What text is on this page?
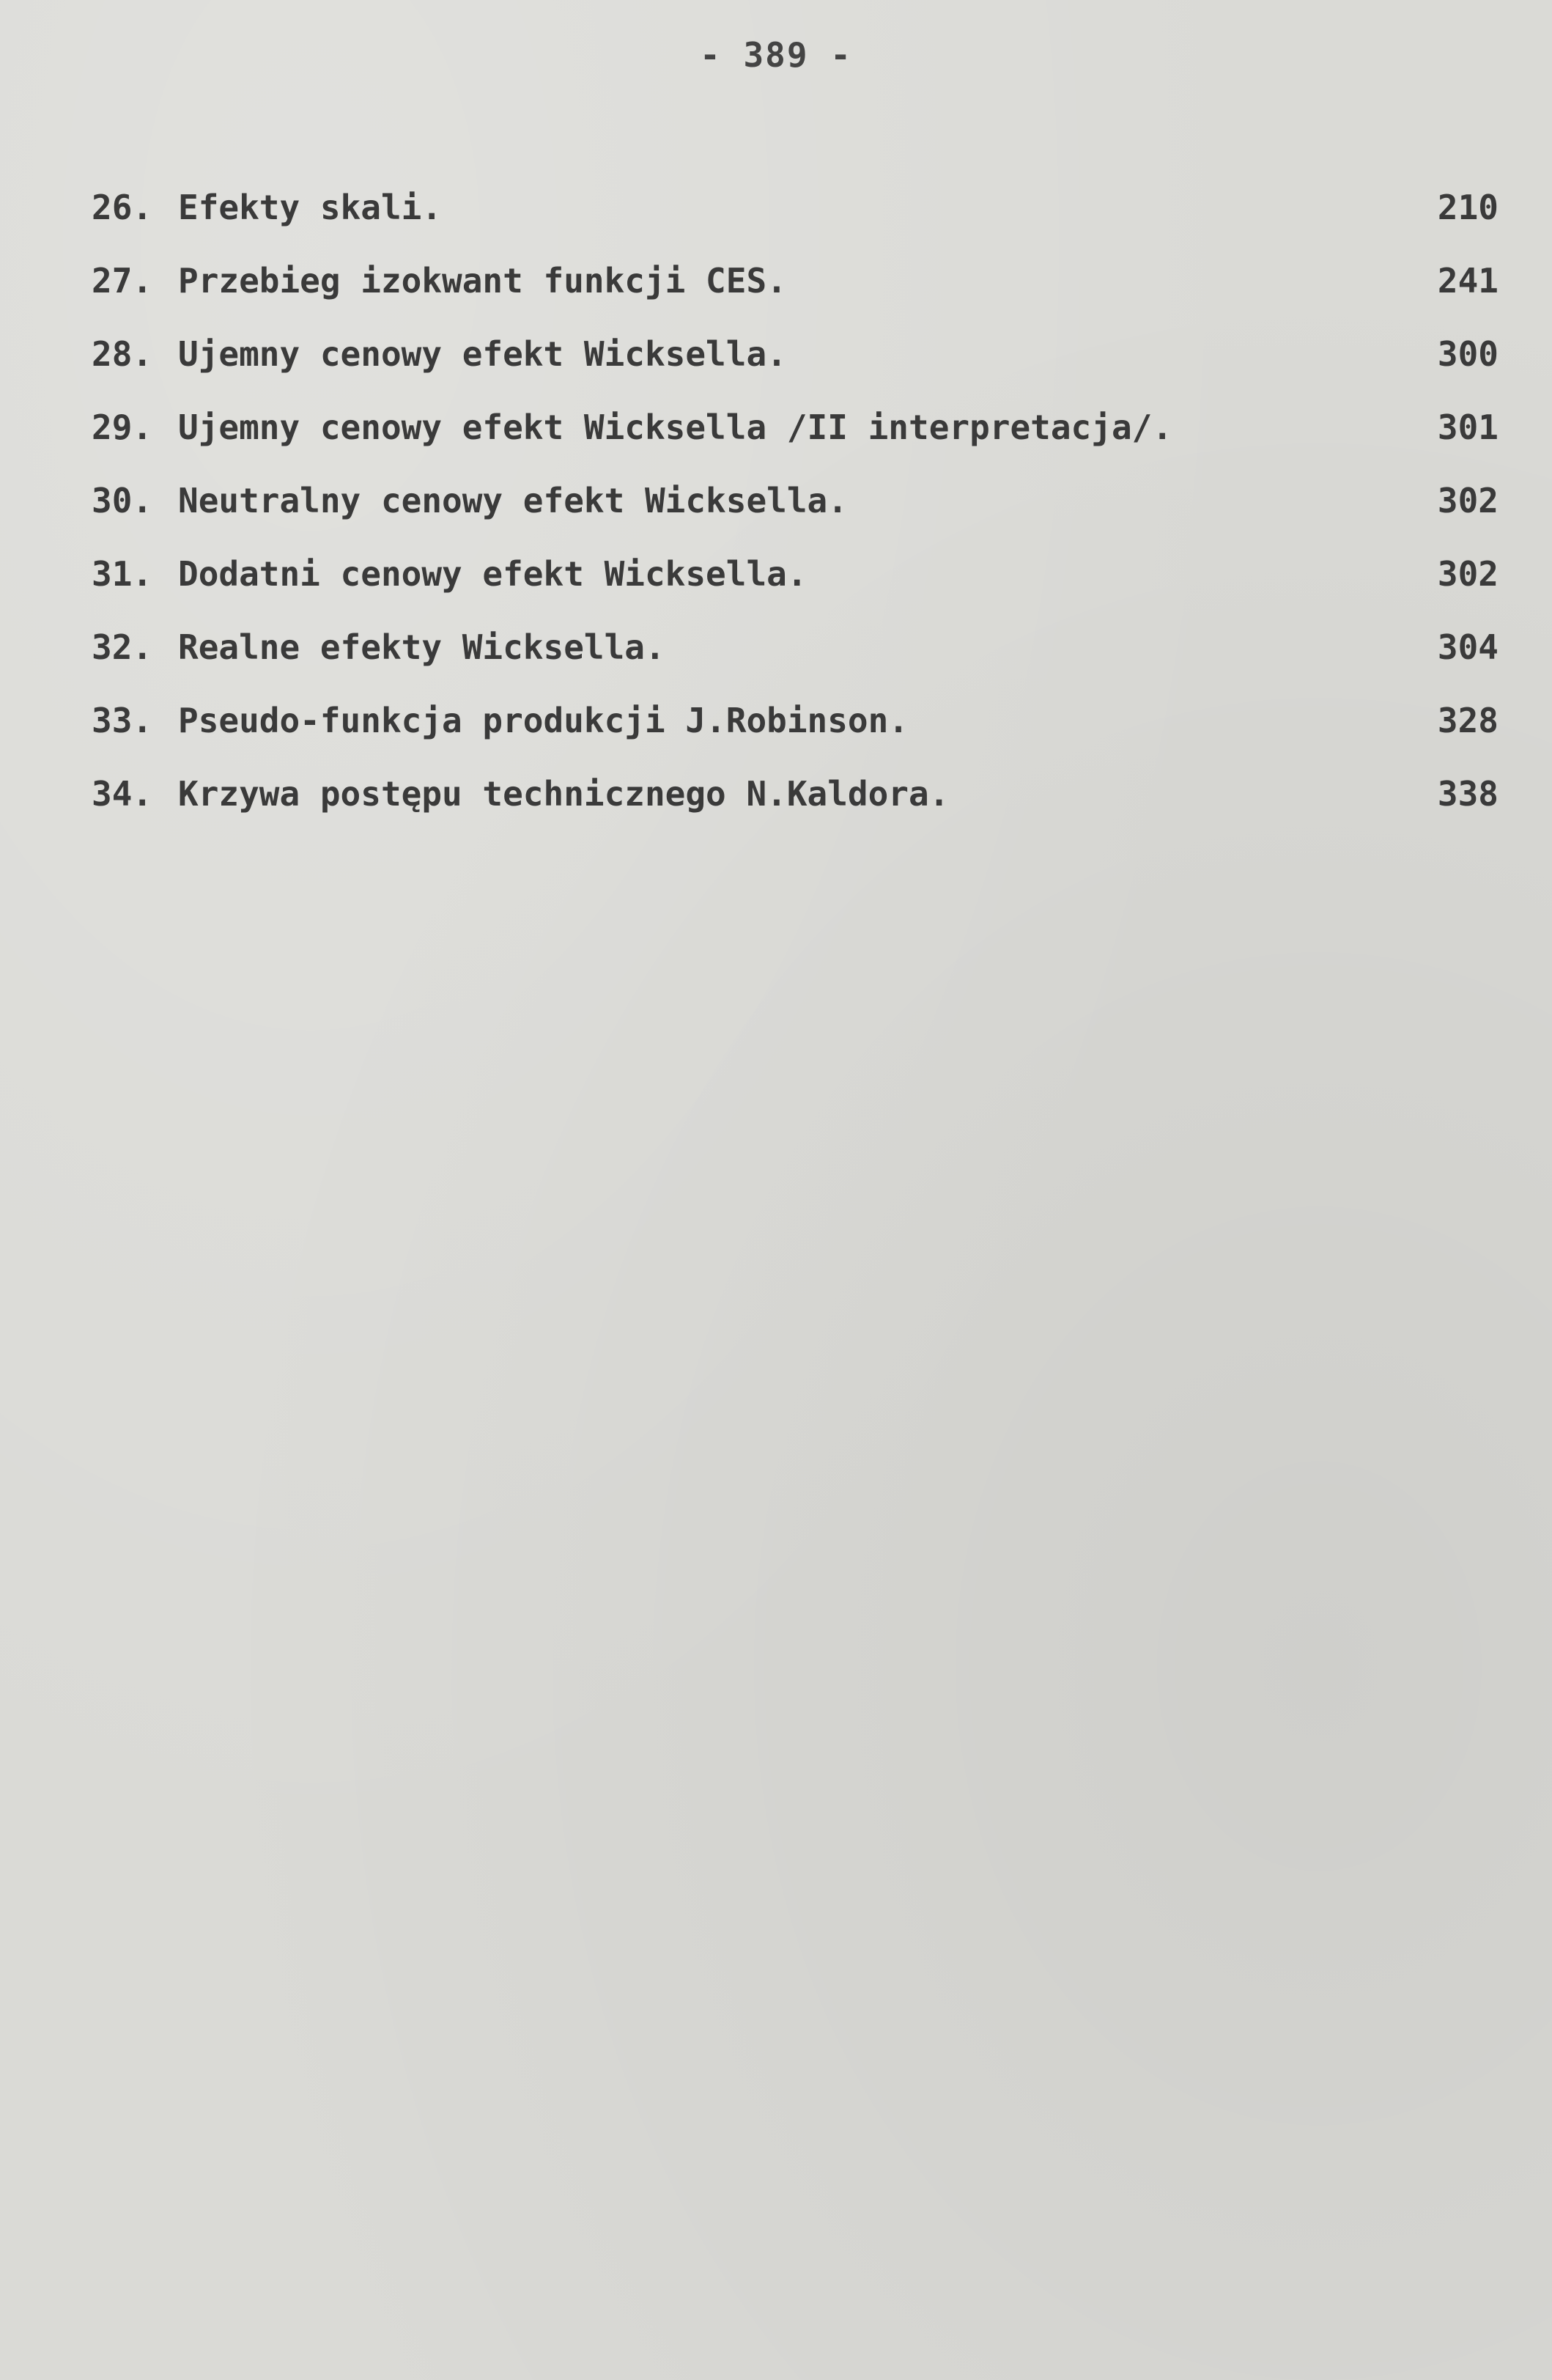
- 389 -
26. Efekty skali.	210
27. Przebieg izokwant funkcji CES.	241
28. Ujemny cenowy efekt Wicksella.	300
29. Ujemny cenowy efekt Wicksella /II interpretacja/.	301
30. Neutralny cenowy efekt Wicksella.	302
31. Dodatni cenowy efekt Wicksella.	302
32. Realne efekty Wicksella.	304
33. Pseudo-funkcja produkcji J.Robinson.	328
34. Krzywa postępu technicznego N.Kaldora.	338
